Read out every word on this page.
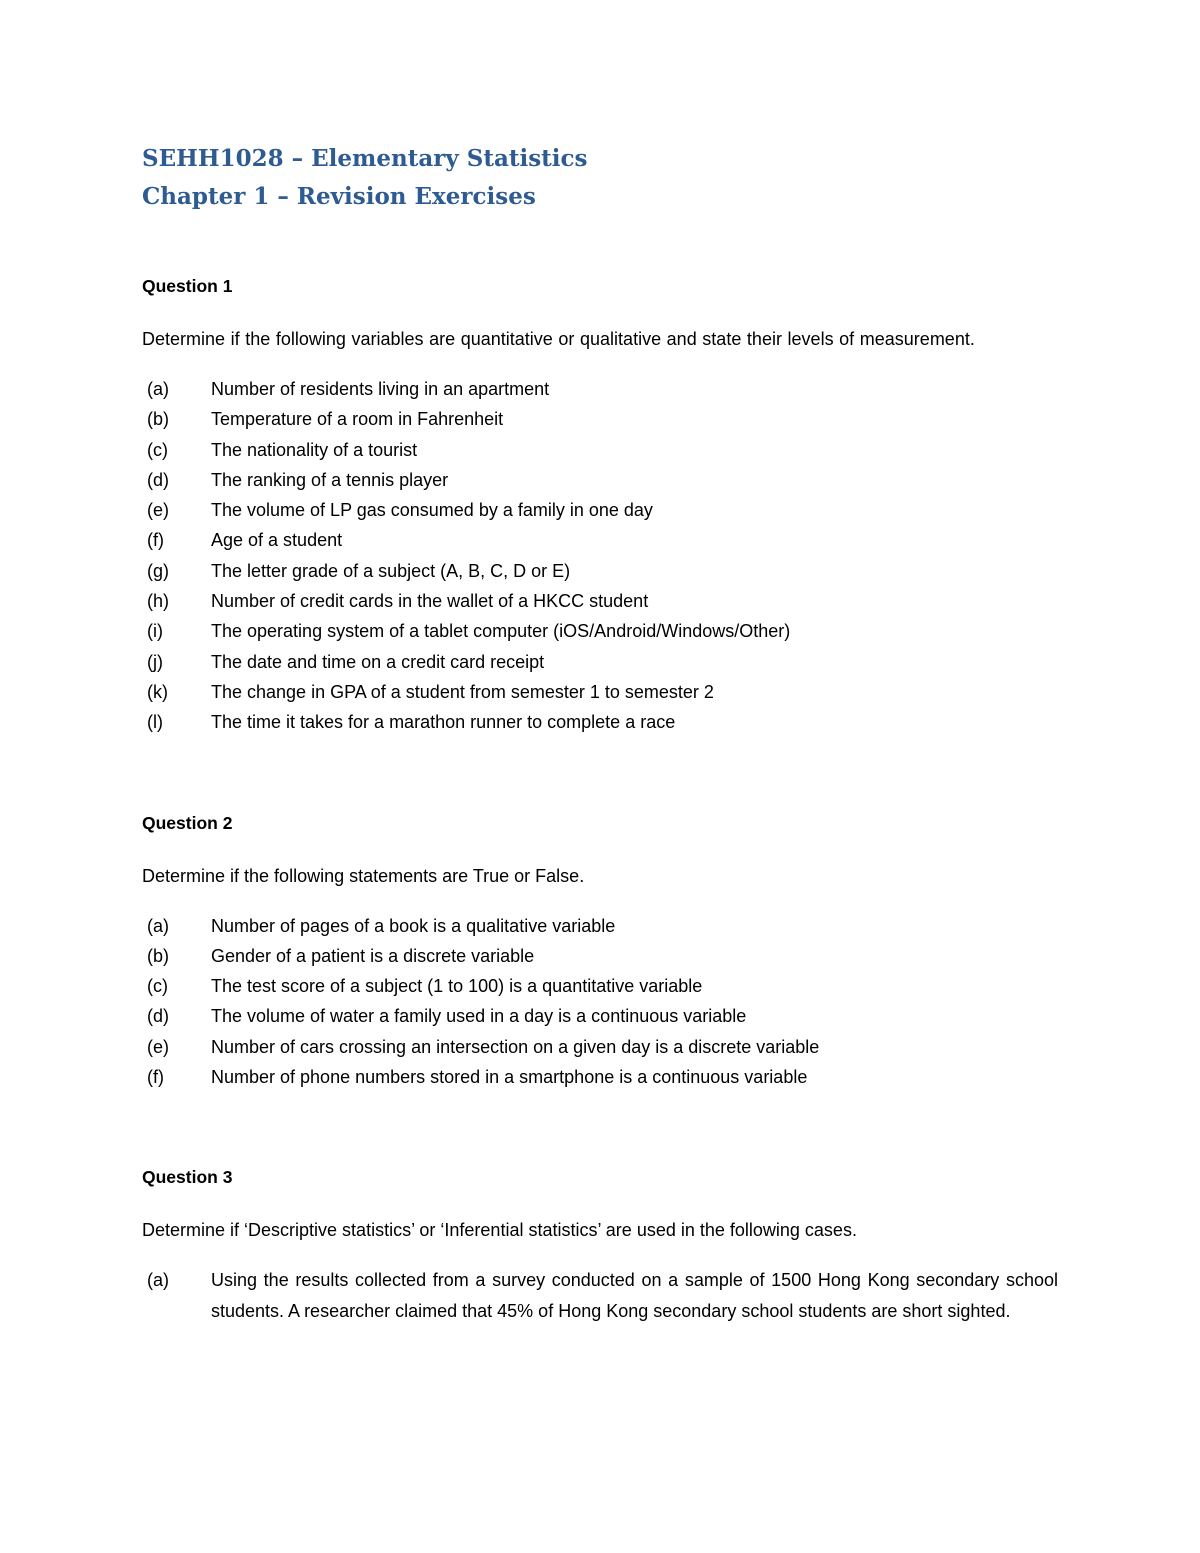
SEHH1028 – Elementary Statistics
Chapter 1 – Revision Exercises
Question 1

Determine if the following variables are quantitative or qualitative and state their levels of measurement.

(a)	Number of residents living in an apartment
(b)	Temperature of a room in Fahrenheit
(c)	The nationality of a tourist
(d)	The ranking of a tennis player
(e)	The volume of LP gas consumed by a family in one day
(f)	Age of a student
(g)	The letter grade of a subject (A, B, C, D or E)
(h)	Number of credit cards in the wallet of a HKCC student
(i)	The operating system of a tablet computer (iOS/Android/Windows/Other)
(j)	The date and time on a credit card receipt
(k)	The change in GPA of a student from semester 1 to semester 2
(l)	The time it takes for a marathon runner to complete a race
Question 2

Determine if the following statements are True or False.

(a)	Number of pages of a book is a qualitative variable
(b)	Gender of a patient is a discrete variable
(c)	The test score of a subject (1 to 100) is a quantitative variable
(d)	The volume of water a family used in a day is a continuous variable
(e)	Number of cars crossing an intersection on a given day is a discrete variable
(f)	Number of phone numbers stored in a smartphone is a continuous variable
Question 3

Determine if ‘Descriptive statistics’ or ‘Inferential statistics’ are used in the following cases.

(a)	Using the results collected from a survey conducted on a sample of 1500 Hong Kong secondary school students. A researcher claimed that 45% of Hong Kong secondary school students are short sighted.
